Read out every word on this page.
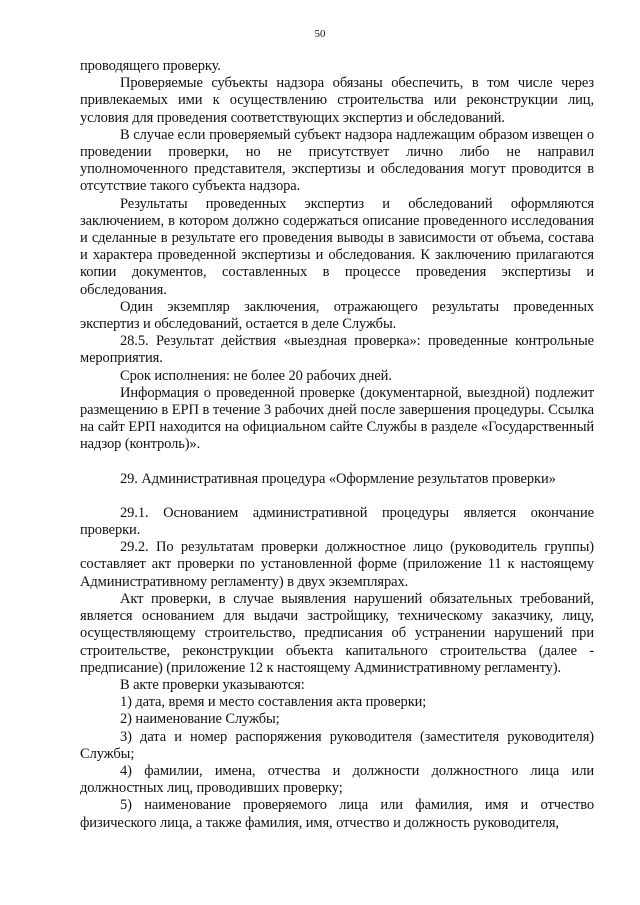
50

проводящего проверку.

Проверяемые субъекты надзора обязаны обеспечить, в том числе через привлекаемых ими к осуществлению строительства или реконструкции лиц, условия для проведения соответствующих экспертиз и обследований.

В случае если проверяемый субъект надзора надлежащим образом извещен о проведении проверки, но не присутствует лично либо не направил уполномоченного представителя, экспертизы и обследования могут проводится в отсутствие такого субъекта надзора.

Результаты проведенных экспертиз и обследований оформляются заключением, в котором должно содержаться описание проведенного исследования и сделанные в результате его проведения выводы в зависимости от объема, состава и характера проведенной экспертизы и обследования. К заключению прилагаются копии документов, составленных в процессе проведения экспертизы и обследования.

Один экземпляр заключения, отражающего результаты проведенных экспертиз и обследований, остается в деле Службы.

28.5. Результат действия «выездная проверка»: проведенные контрольные мероприятия.

Срок исполнения: не более 20 рабочих дней.

Информация о проведенной проверке (документарной, выездной) подлежит размещению в ЕРП в течение 3 рабочих дней после завершения процедуры. Ссылка на сайт ЕРП находится на официальном сайте Службы в разделе «Государственный надзор (контроль)».

29. Административная процедура «Оформление результатов проверки»

29.1. Основанием административной процедуры является окончание проверки.

29.2. По результатам проверки должностное лицо (руководитель группы) составляет акт проверки по установленной форме (приложение 11 к настоящему Административному регламенту) в двух экземплярах.

Акт проверки, в случае выявления нарушений обязательных требований, является основанием для выдачи застройщику, техническому заказчику, лицу, осуществляющему строительство, предписания об устранении нарушений при строительстве, реконструкции объекта капитального строительства (далее - предписание) (приложение 12 к настоящему Административному регламенту).

В акте проверки указываются:

1) дата, время и место составления акта проверки;

2) наименование Службы;

3) дата и номер распоряжения руководителя (заместителя руководителя) Службы;

4) фамилии, имена, отчества и должности должностного лица или должностных лиц, проводивших проверку;

5) наименование проверяемого лица или фамилия, имя и отчество физического лица, а также фамилия, имя, отчество и должность руководителя,
